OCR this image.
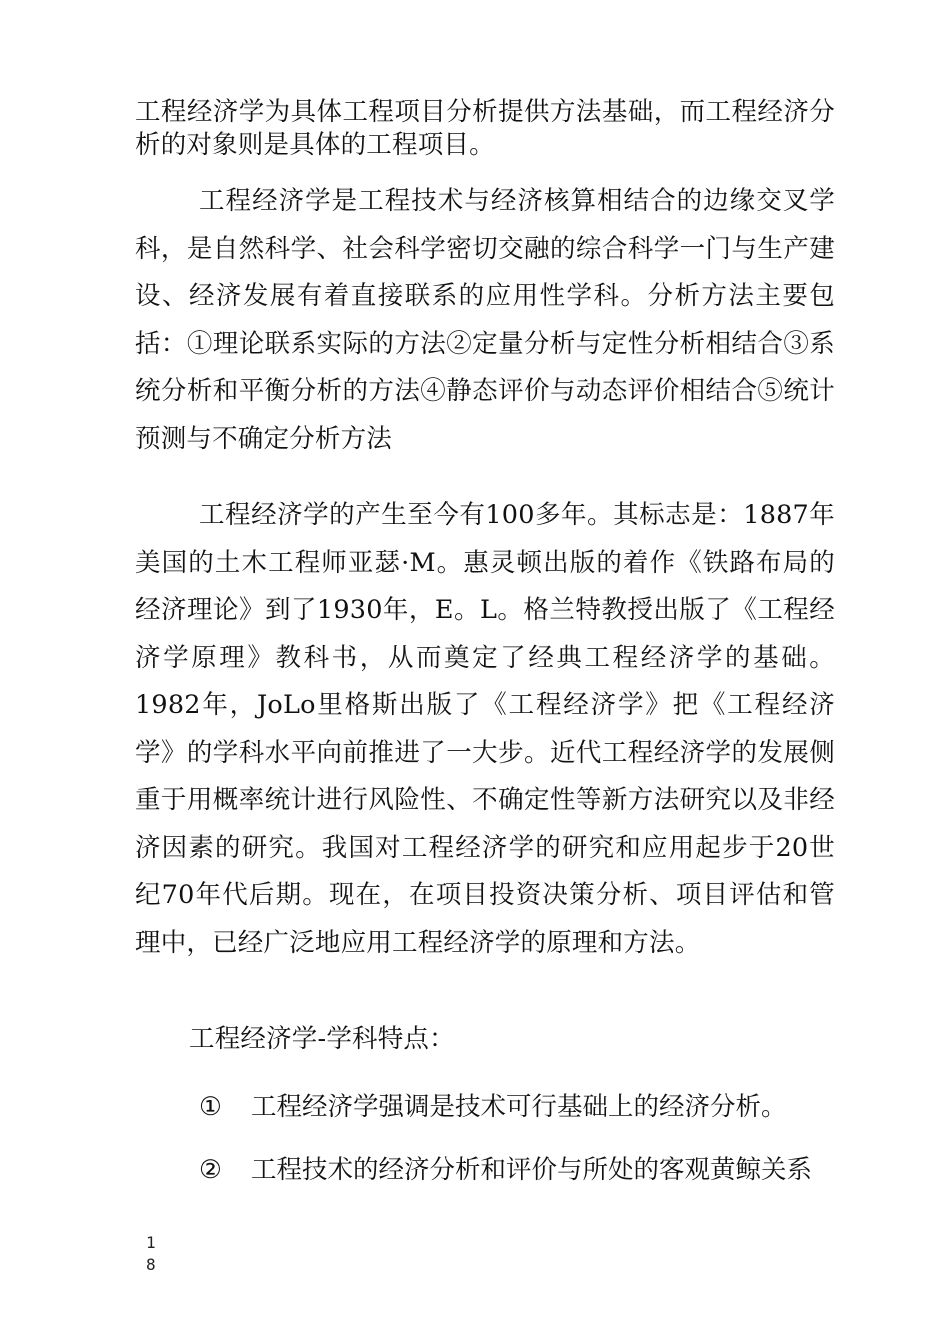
工程经济学为具体工程项目分析提供方法基础，而工程经济分析的对象则是具体的工程项目。

工程经济学是工程技术与经济核算相结合的边缘交叉学科，是自然科学、社会科学密切交融的综合科学一门与生产建设、经济发展有着直接联系的应用性学科。分析方法主要包括：①理论联系实际的方法②定量分析与定性分析相结合③系统分析和平衡分析的方法④静态评价与动态评价相结合⑤统计预测与不确定分析方法

工程经济学的产生至今有100多年。其标志是：1887年美国的土木工程师亚瑟·M。惠灵顿出版的着作《铁路布局的经济理论》到了1930年，E。L。格兰特教授出版了《工程经济学原理》教科书，从而奠定了经典工程经济学的基础。1982年，JoLo里格斯出版了《工程经济学》把《工程经济学》的学科水平向前推进了一大步。近代工程经济学的发展侧重于用概率统计进行风险性、不确定性等新方法研究以及非经济因素的研究。我国对工程经济学的研究和应用起步于20世纪70年代后期。现在，在项目投资决策分析、项目评估和管理中，已经广泛地应用工程经济学的原理和方法。

工程经济学-学科特点：

① 工程经济学强调是技术可行基础上的经济分析。

② 工程技术的经济分析和评价与所处的客观黄鲸关系

1
8
